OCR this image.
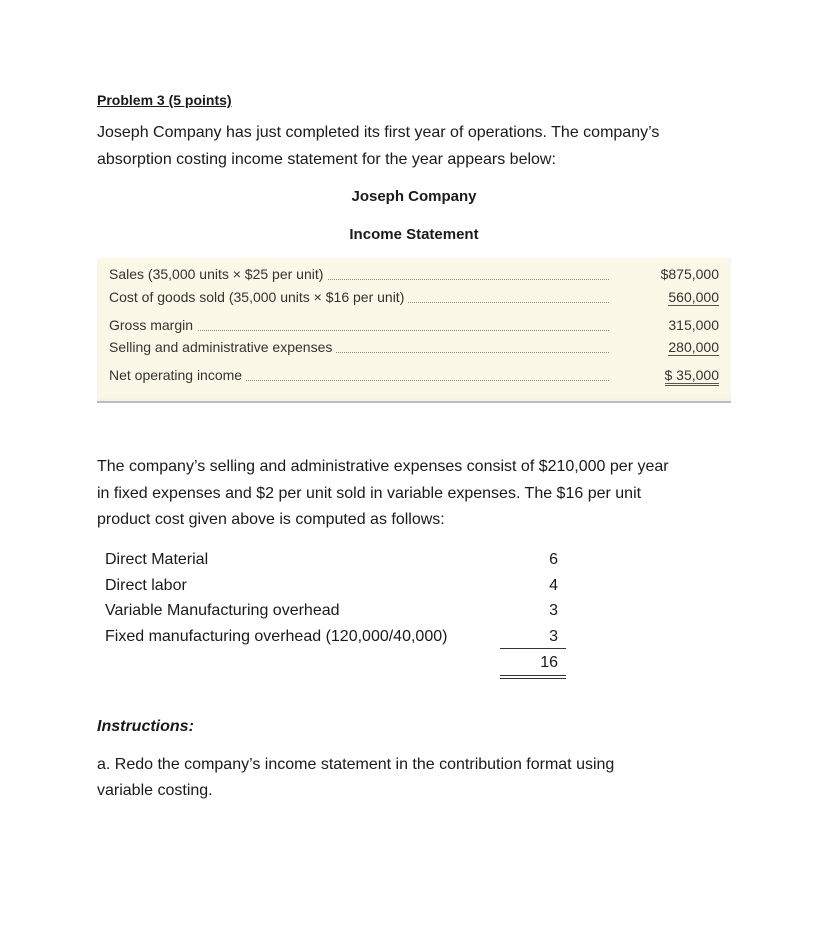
Problem 3 (5 points)
Joseph Company has just completed its first year of operations. The company’s
absorption costing income statement for the year appears below:
Joseph Company
Income Statement
Sales (35,000 units × $25 per unit)	$875,000
Cost of goods sold (35,000 units × $16 per unit)	560,000
Gross margin	315,000
Selling and administrative expenses	280,000
Net operating income	$ 35,000
The company’s selling and administrative expenses consist of $210,000 per year
in fixed expenses and $2 per unit sold in variable expenses. The $16 per unit
product cost given above is computed as follows:
Direct Material	6
Direct labor	4
Variable Manufacturing overhead	3
Fixed manufacturing overhead (120,000/40,000)	3
16
Instructions:
a. Redo the company’s income statement in the contribution format using
variable costing.
